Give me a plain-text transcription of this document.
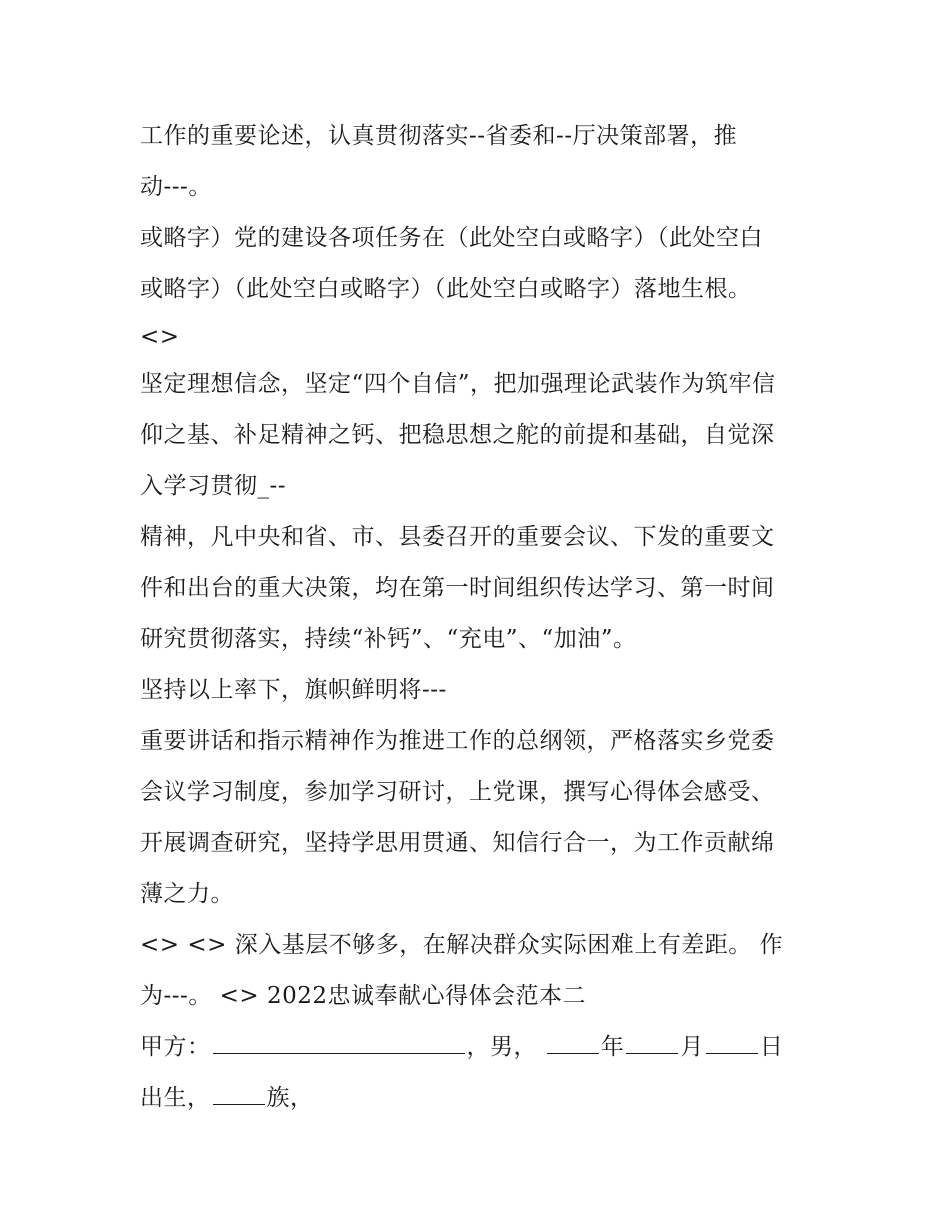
工作的重要论述，认真贯彻落实--省委和--厅决策部署，推

动---。

或略字）党的建设各项任务在（此处空白或略字）（此处空白

或略字）（此处空白或略字）（此处空白或略字）落地生根。

<>

坚定理想信念，坚定“四个自信”，把加强理论武装作为筑牢信

仰之基、补足精神之钙、把稳思想之舵的前提和基础，自觉深

入学习贯彻_--

精神，凡中央和省、市、县委召开的重要会议、下发的重要文

件和出台的重大决策，均在第一时间组织传达学习、第一时间

研究贯彻落实，持续“补钙”、“充电”、“加油”。

坚持以上率下，旗帜鲜明将---

重要讲话和指示精神作为推进工作的总纲领，严格落实乡党委

会议学习制度，参加学习研讨，上党课，撰写心得体会感受、

开展调查研究，坚持学思用贯通、知信行合一，为工作贡献绵

薄之力。

<> <> 深入基层不够多，在解决群众实际困难上有差距。 作

为---。 <> 2022忠诚奉献心得体会范本二

甲方：	，男，	年 月 日

出生， 族，
